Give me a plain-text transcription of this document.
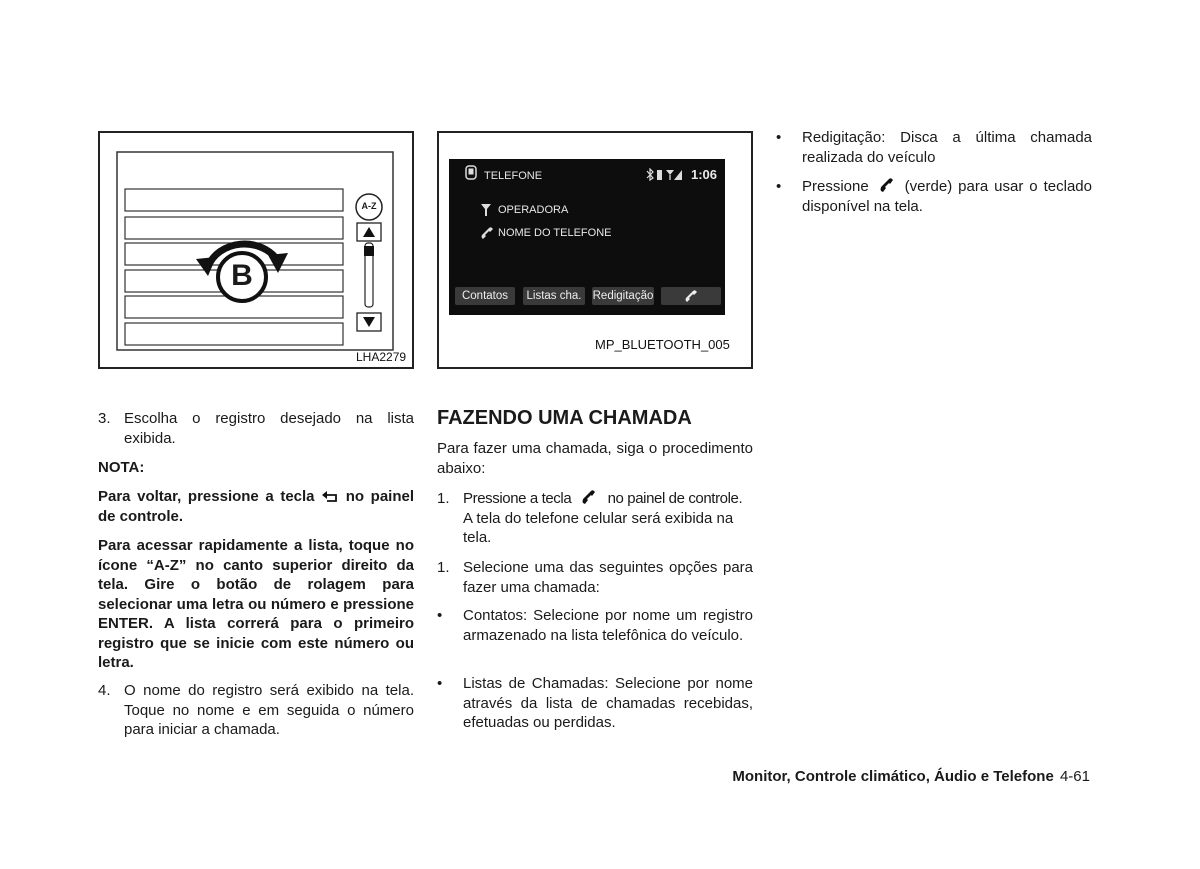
A-Z
B
LHA2279
TELEFONE	1:06
OPERADORA
NOME DO TELEFONE
Contatos	Listas cha. Redigitação
MP_BLUETOOTH_005
3. Escolha o registro desejado na lista exibida.
NOTA:
Para voltar, pressione a tecla no painel de controle.
Para acessar rapidamente a lista, toque no ícone “A-Z” no canto superior direito da tela. Gire o botão de rolagem para selecionar uma letra ou número e pressione ENTER. A lista correrá para o primeiro registro que se inicie com este número ou letra.
4. O nome do registro será exibido na tela. Toque no nome e em seguida o número para iniciar a chamada.
FAZENDO UMA CHAMADA
Para fazer uma chamada, siga o procedimento abaixo:
1. Pressione a tecla no painel de controle.
A tela do telefone celular será exibida na tela.
1. Selecione uma das seguintes opções para fazer uma chamada:
• Contatos: Selecione por nome um registro armazenado na lista telefônica do veículo.
• Listas de Chamadas: Selecione por nome através da lista de chamadas recebidas, efetuadas ou perdidas.
• Redigitação: Disca a última chamada realizada do veículo
• Pressione (verde) para usar o teclado disponível na tela.
Monitor, Controle climático, Áudio e Telefone 4-61
